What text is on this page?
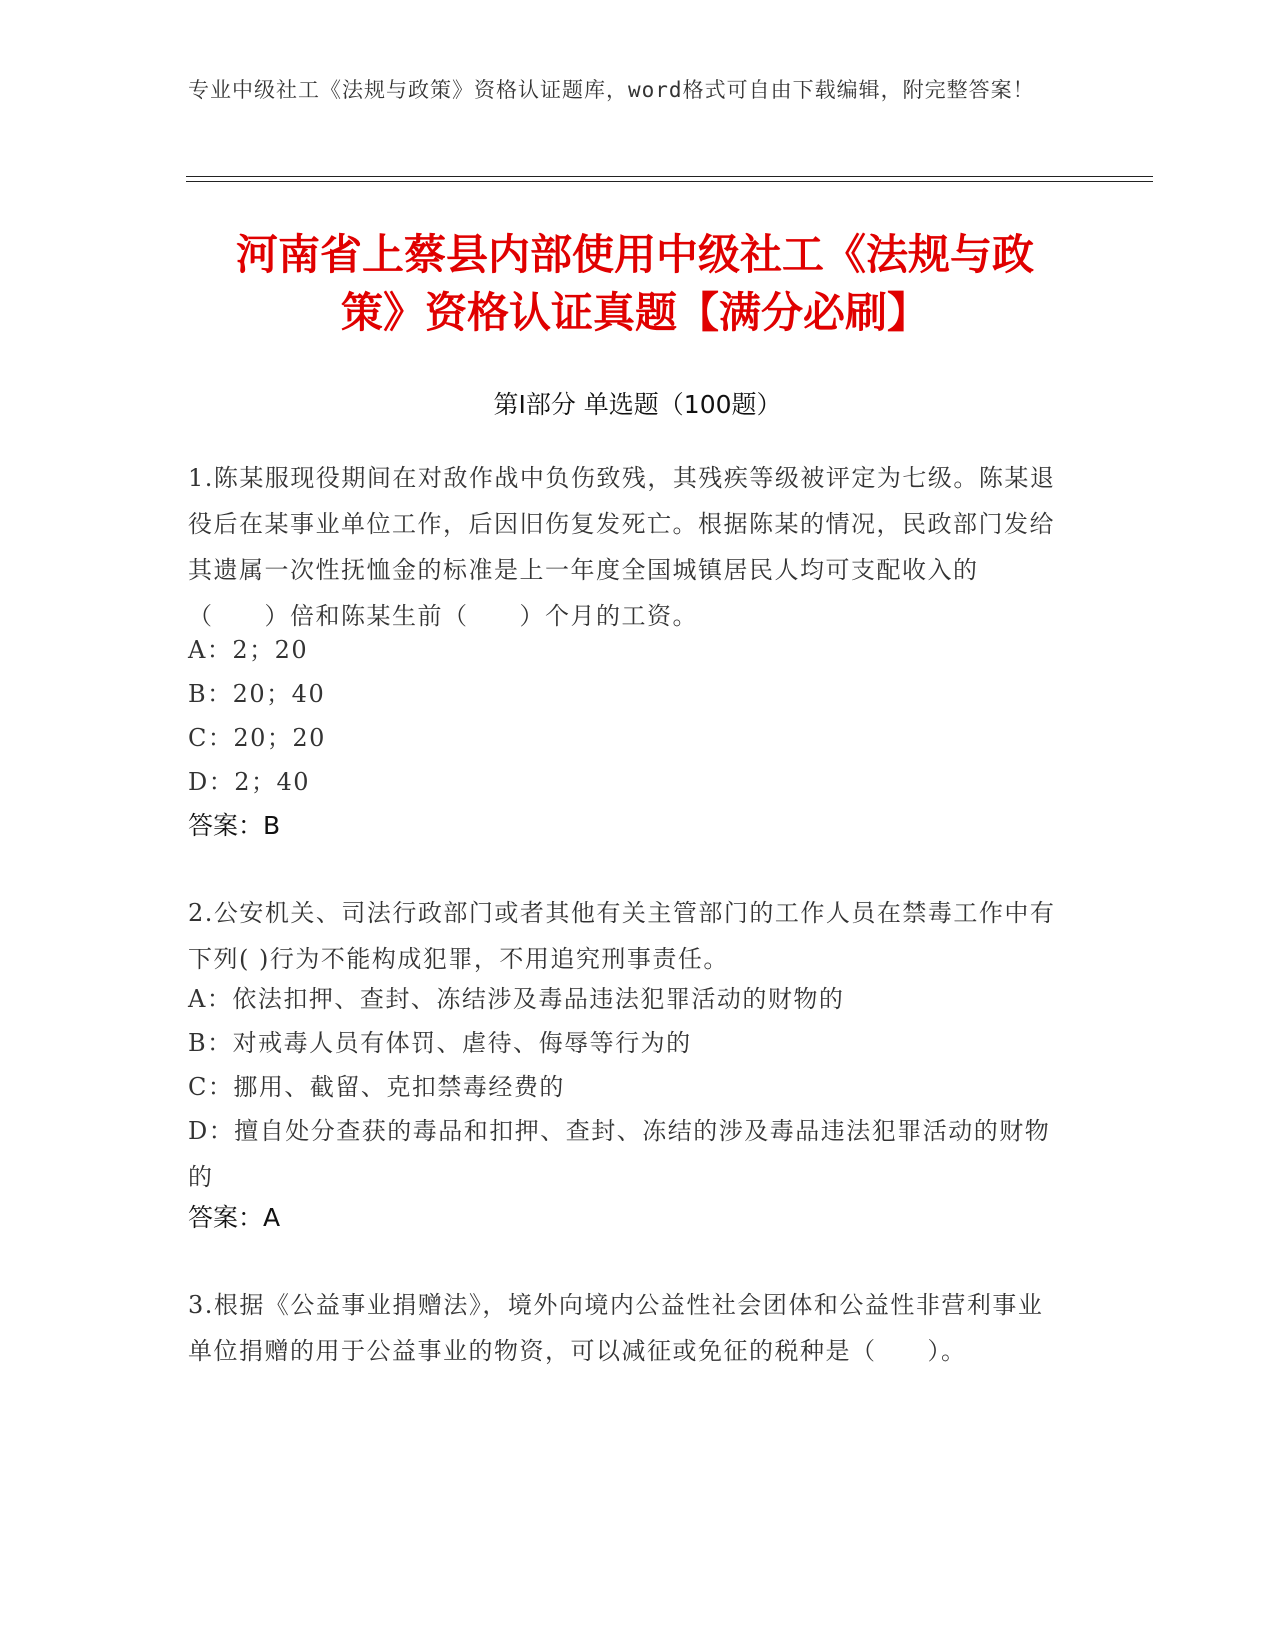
专业中级社工《法规与政策》资格认证题库，word格式可自由下载编辑，附完整答案！
河南省上蔡县内部使用中级社工《法规与政
策》资格认证真题【满分必刷】
第I部分 单选题（100题）
1.陈某服现役期间在对敌作战中负伤致残，其残疾等级被评定为七级。陈某退役后在某事业单位工作，后因旧伤复发死亡。根据陈某的情况，民政部门发给其遗属一次性抚恤金的标准是上一年度全国城镇居民人均可支配收入的（　　）倍和陈某生前（　　）个月的工资。
A：2；20
B：20；40
C：20；20
D：2；40
答案：B
2.公安机关、司法行政部门或者其他有关主管部门的工作人员在禁毒工作中有下列( )行为不能构成犯罪，不用追究刑事责任。
A：依法扣押、查封、冻结涉及毒品违法犯罪活动的财物的
B：对戒毒人员有体罚、虐待、侮辱等行为的
C：挪用、截留、克扣禁毒经费的
D：擅自处分查获的毒品和扣押、查封、冻结的涉及毒品违法犯罪活动的财物的
答案：A
3.根据《公益事业捐赠法》，境外向境内公益性社会团体和公益性非营利事业单位捐赠的用于公益事业的物资，可以减征或免征的税种是（　　）。
